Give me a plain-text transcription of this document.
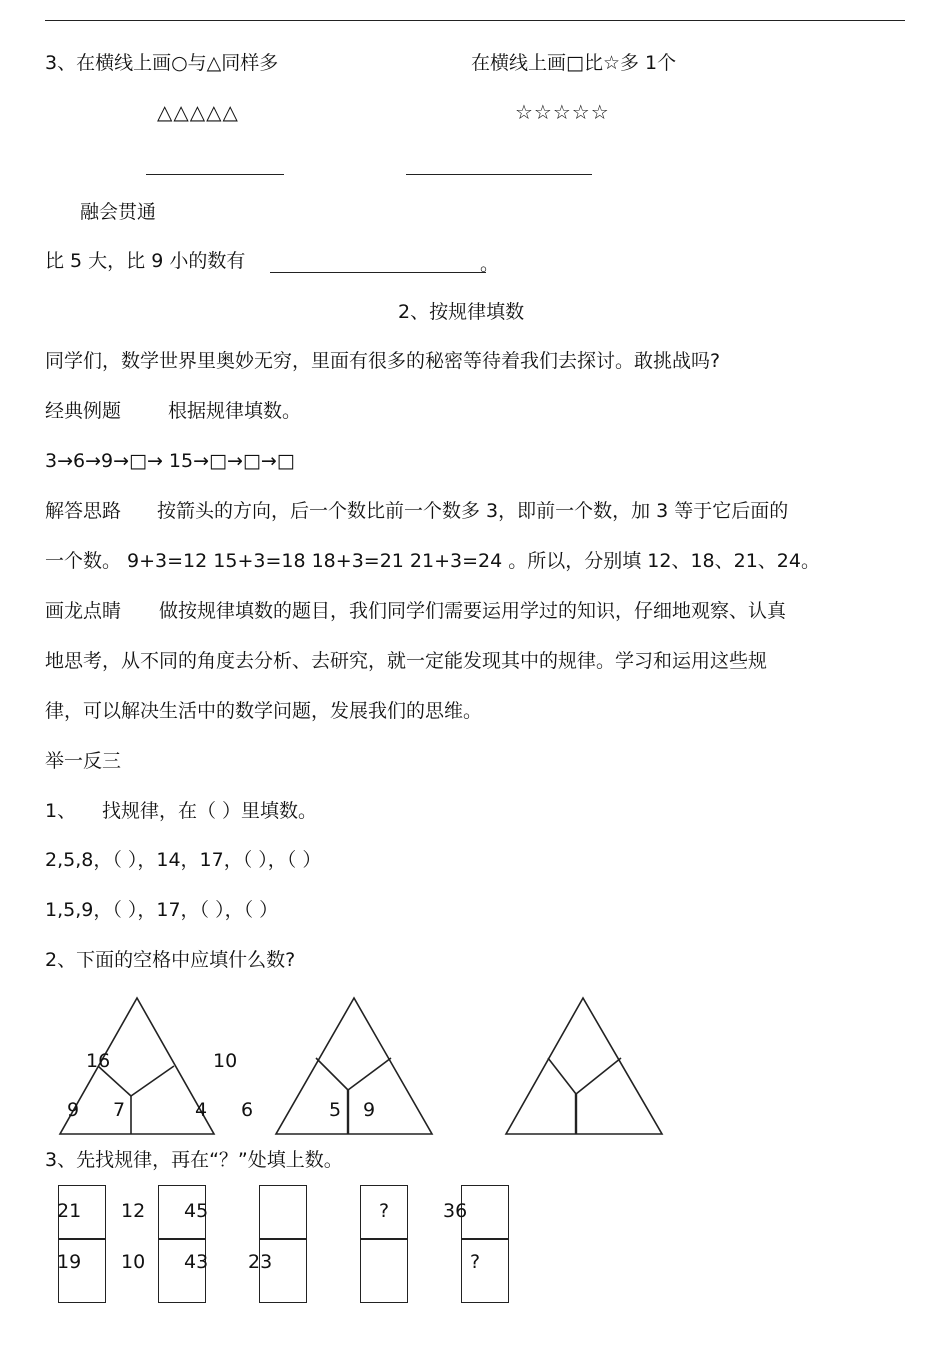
3、在横线上画○与△同样多	在横线上画□比☆多 1个
△△△△△	☆☆☆☆☆
融会贯通
比 5 大，比 9 小的数有	。
2、按规律填数
同学们，数学世界里奥妙无穷，里面有很多的秘密等待着我们去探讨。敢挑战吗?
经典例题 根据规律填数。
3→6→9→□→ 15→□→□→□
解答思路 按箭头的方向，后一个数比前一个数多 3，即前一个数，加 3 等于它后面的
一个数。 9+3=12 15+3=18 18+3=21 21+3=24 。所以，分别填 12、18、21、24。
画龙点睛 做按规律填数的题目，我们同学们需要运用学过的知识，仔细地观察、认真
地思考，从不同的角度去分析、去研究，就一定能发现其中的规律。学习和运用这些规
律，可以解决生活中的数学问题，发展我们的思维。
举一反三
1、 找规律，在（ ）里填数。
2,5,8，（ ），14，17，（ ），（ ）
1,5,9，（ ），17，（ ），（ ）
2、下面的空格中应填什么数?
16	10
9 7	4 6	5 9
3、先找规律，再在“？”处填上数。
21
19
12
10
45
43 23
?	36
?
